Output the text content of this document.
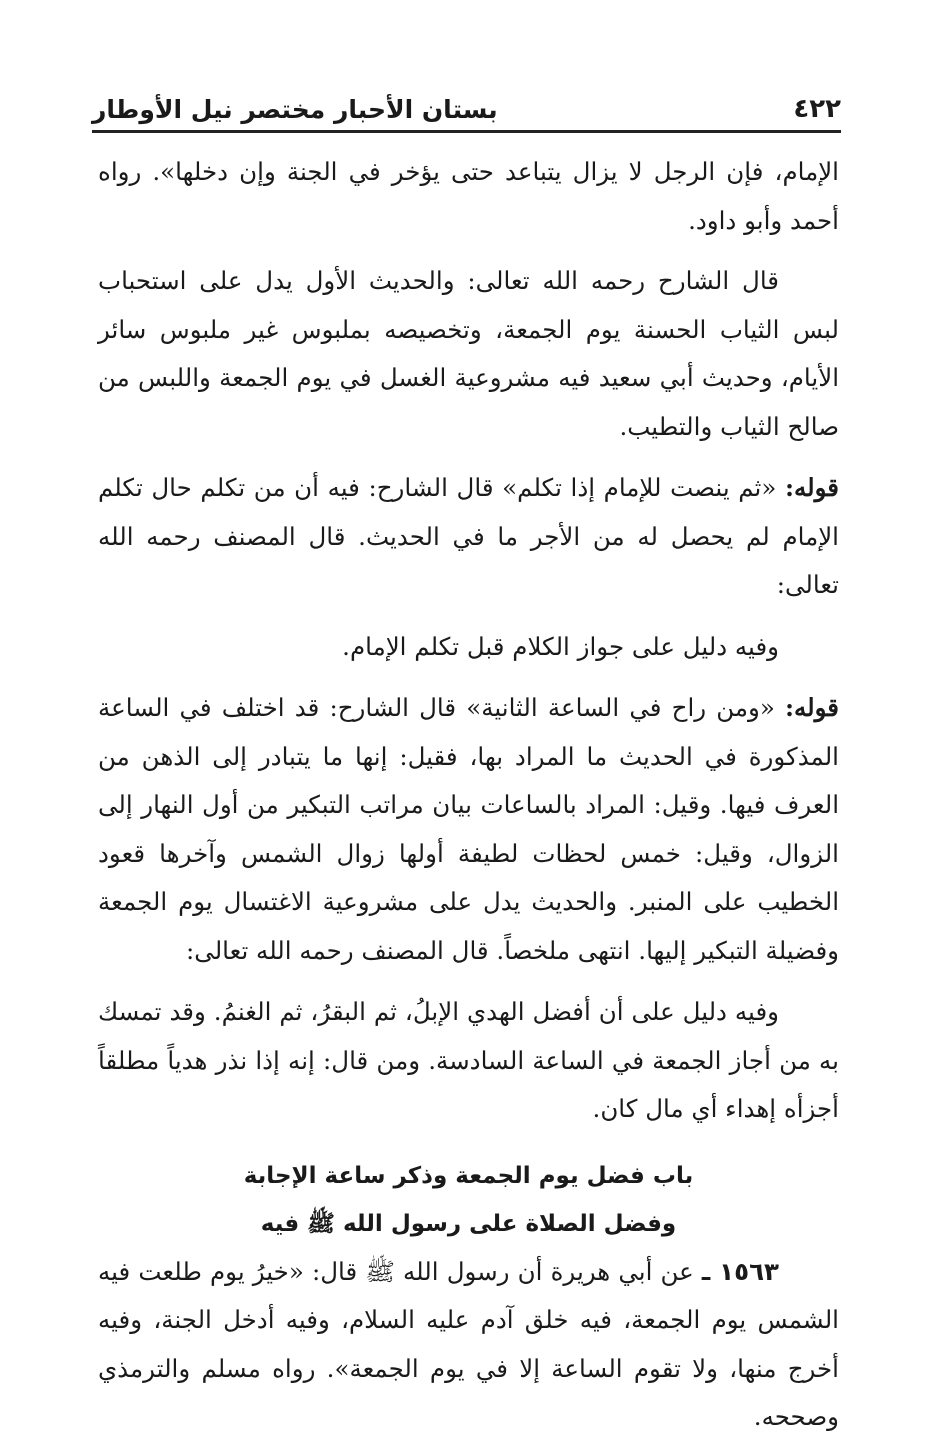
٤٢٢
بستان الأحبار مختصر نيل الأوطار

الإمام، فإن الرجل لا يزال يتباعد حتى يؤخر في الجنة وإن دخلها». رواه أحمد وأبو داود.

قال الشارح رحمه الله تعالى: والحديث الأول يدل على استحباب لبس الثياب الحسنة يوم الجمعة، وتخصيصه بملبوس غير ملبوس سائر الأيام، وحديث أبي سعيد فيه مشروعية الغسل في يوم الجمعة واللبس من صالح الثياب والتطيب.

قوله: «ثم ينصت للإمام إذا تكلم» قال الشارح: فيه أن من تكلم حال تكلم الإمام لم يحصل له من الأجر ما في الحديث. قال المصنف رحمه الله تعالى:

وفيه دليل على جواز الكلام قبل تكلم الإمام.

قوله: «ومن راح في الساعة الثانية» قال الشارح: قد اختلف في الساعة المذكورة في الحديث ما المراد بها، فقيل: إنها ما يتبادر إلى الذهن من العرف فيها. وقيل: المراد بالساعات بيان مراتب التبكير من أول النهار إلى الزوال، وقيل: خمس لحظات لطيفة أولها زوال الشمس وآخرها قعود الخطيب على المنبر. والحديث يدل على مشروعية الاغتسال يوم الجمعة وفضيلة التبكير إليها. انتهى ملخصاً. قال المصنف رحمه الله تعالى:

وفيه دليل على أن أفضل الهدي الإبلُ، ثم البقرُ، ثم الغنمُ. وقد تمسك به من أجاز الجمعة في الساعة السادسة. ومن قال: إنه إذا نذر هدياً مطلقاً أجزأه إهداء أي مال كان.

باب فضل يوم الجمعة وذكر ساعة الإجابة
وفضل الصلاة على رسول الله ﷺ فيه

١٥٦٣ ـ عن أبي هريرة أن رسول الله ﷺ قال: «خيرُ يوم طلعت فيه الشمس يوم الجمعة، فيه خلق آدم عليه السلام، وفيه أدخل الجنة، وفيه أخرج منها، ولا تقوم الساعة إلا في يوم الجمعة». رواه مسلم والترمذي وصححه.
